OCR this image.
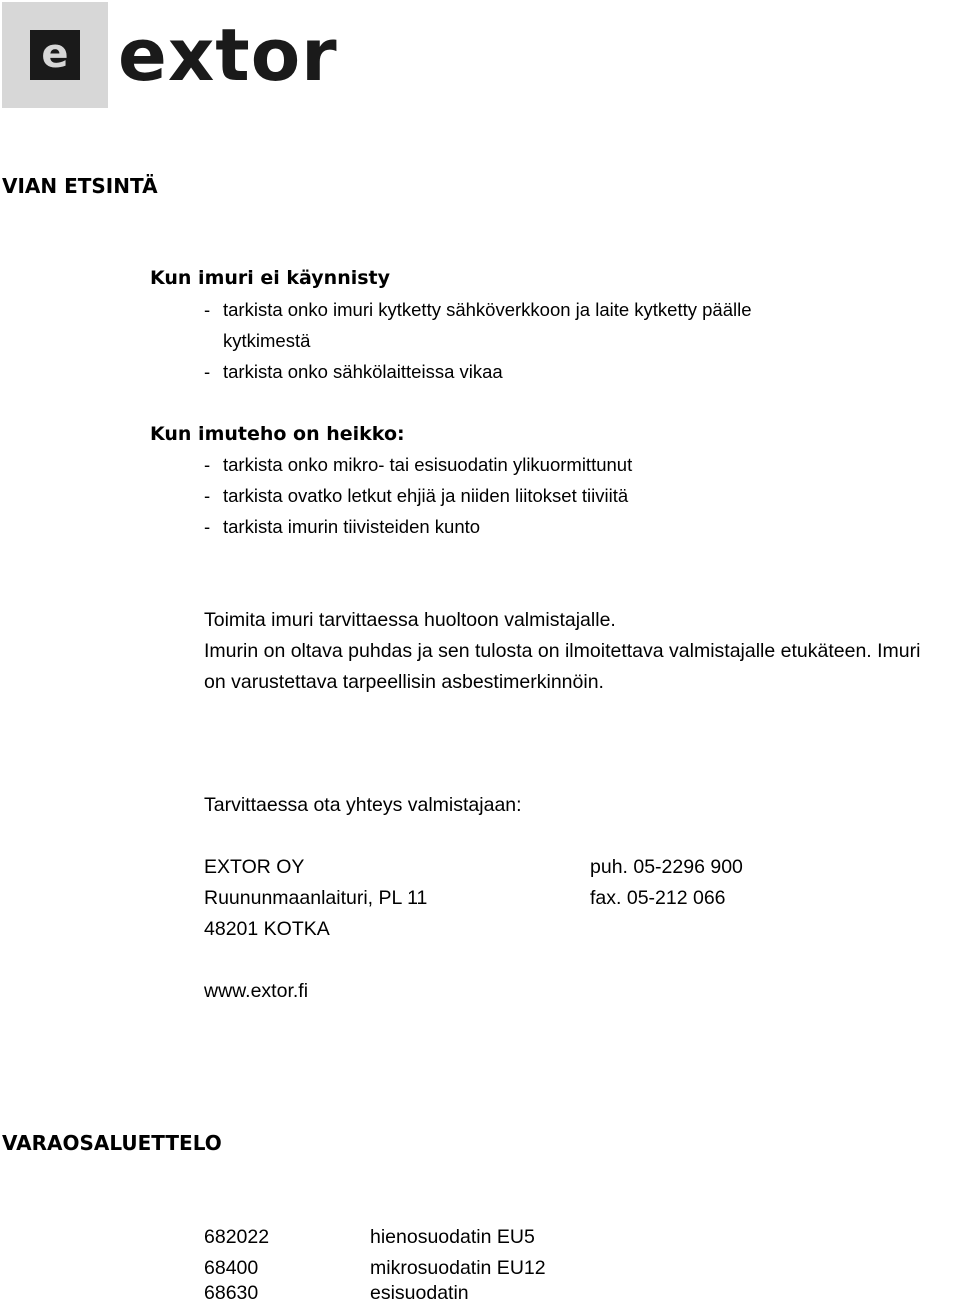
e extor
VIAN ETSINTÄ
Kun imuri ei käynnisty
- tarkista onko imuri kytketty sähköverkkoon ja laite kytketty päälle
kytkimestä
- tarkista onko sähkölaitteissa vikaa
Kun imuteho on heikko:
- tarkista onko mikro- tai esisuodatin ylikuormittunut
- tarkista ovatko letkut ehjiä ja niiden liitokset tiiviitä
- tarkista imurin tiivisteiden kunto
Toimita imuri tarvittaessa huoltoon valmistajalle.
Imurin on oltava puhdas ja sen tulosta on ilmoitettava valmistajalle etukäteen. Imuri
on varustettava tarpeellisin asbestimerkinnöin.
Tarvittaessa ota yhteys valmistajaan:
EXTOR OY	puh. 05-2296 900
Ruununmaanlaituri, PL 11	fax. 05-212 066
48201 KOTKA
www.extor.fi
VARAOSALUETTELO
682022	hienosuodatin EU5
68400	mikrosuodatin EU12
68630	esisuodatin
